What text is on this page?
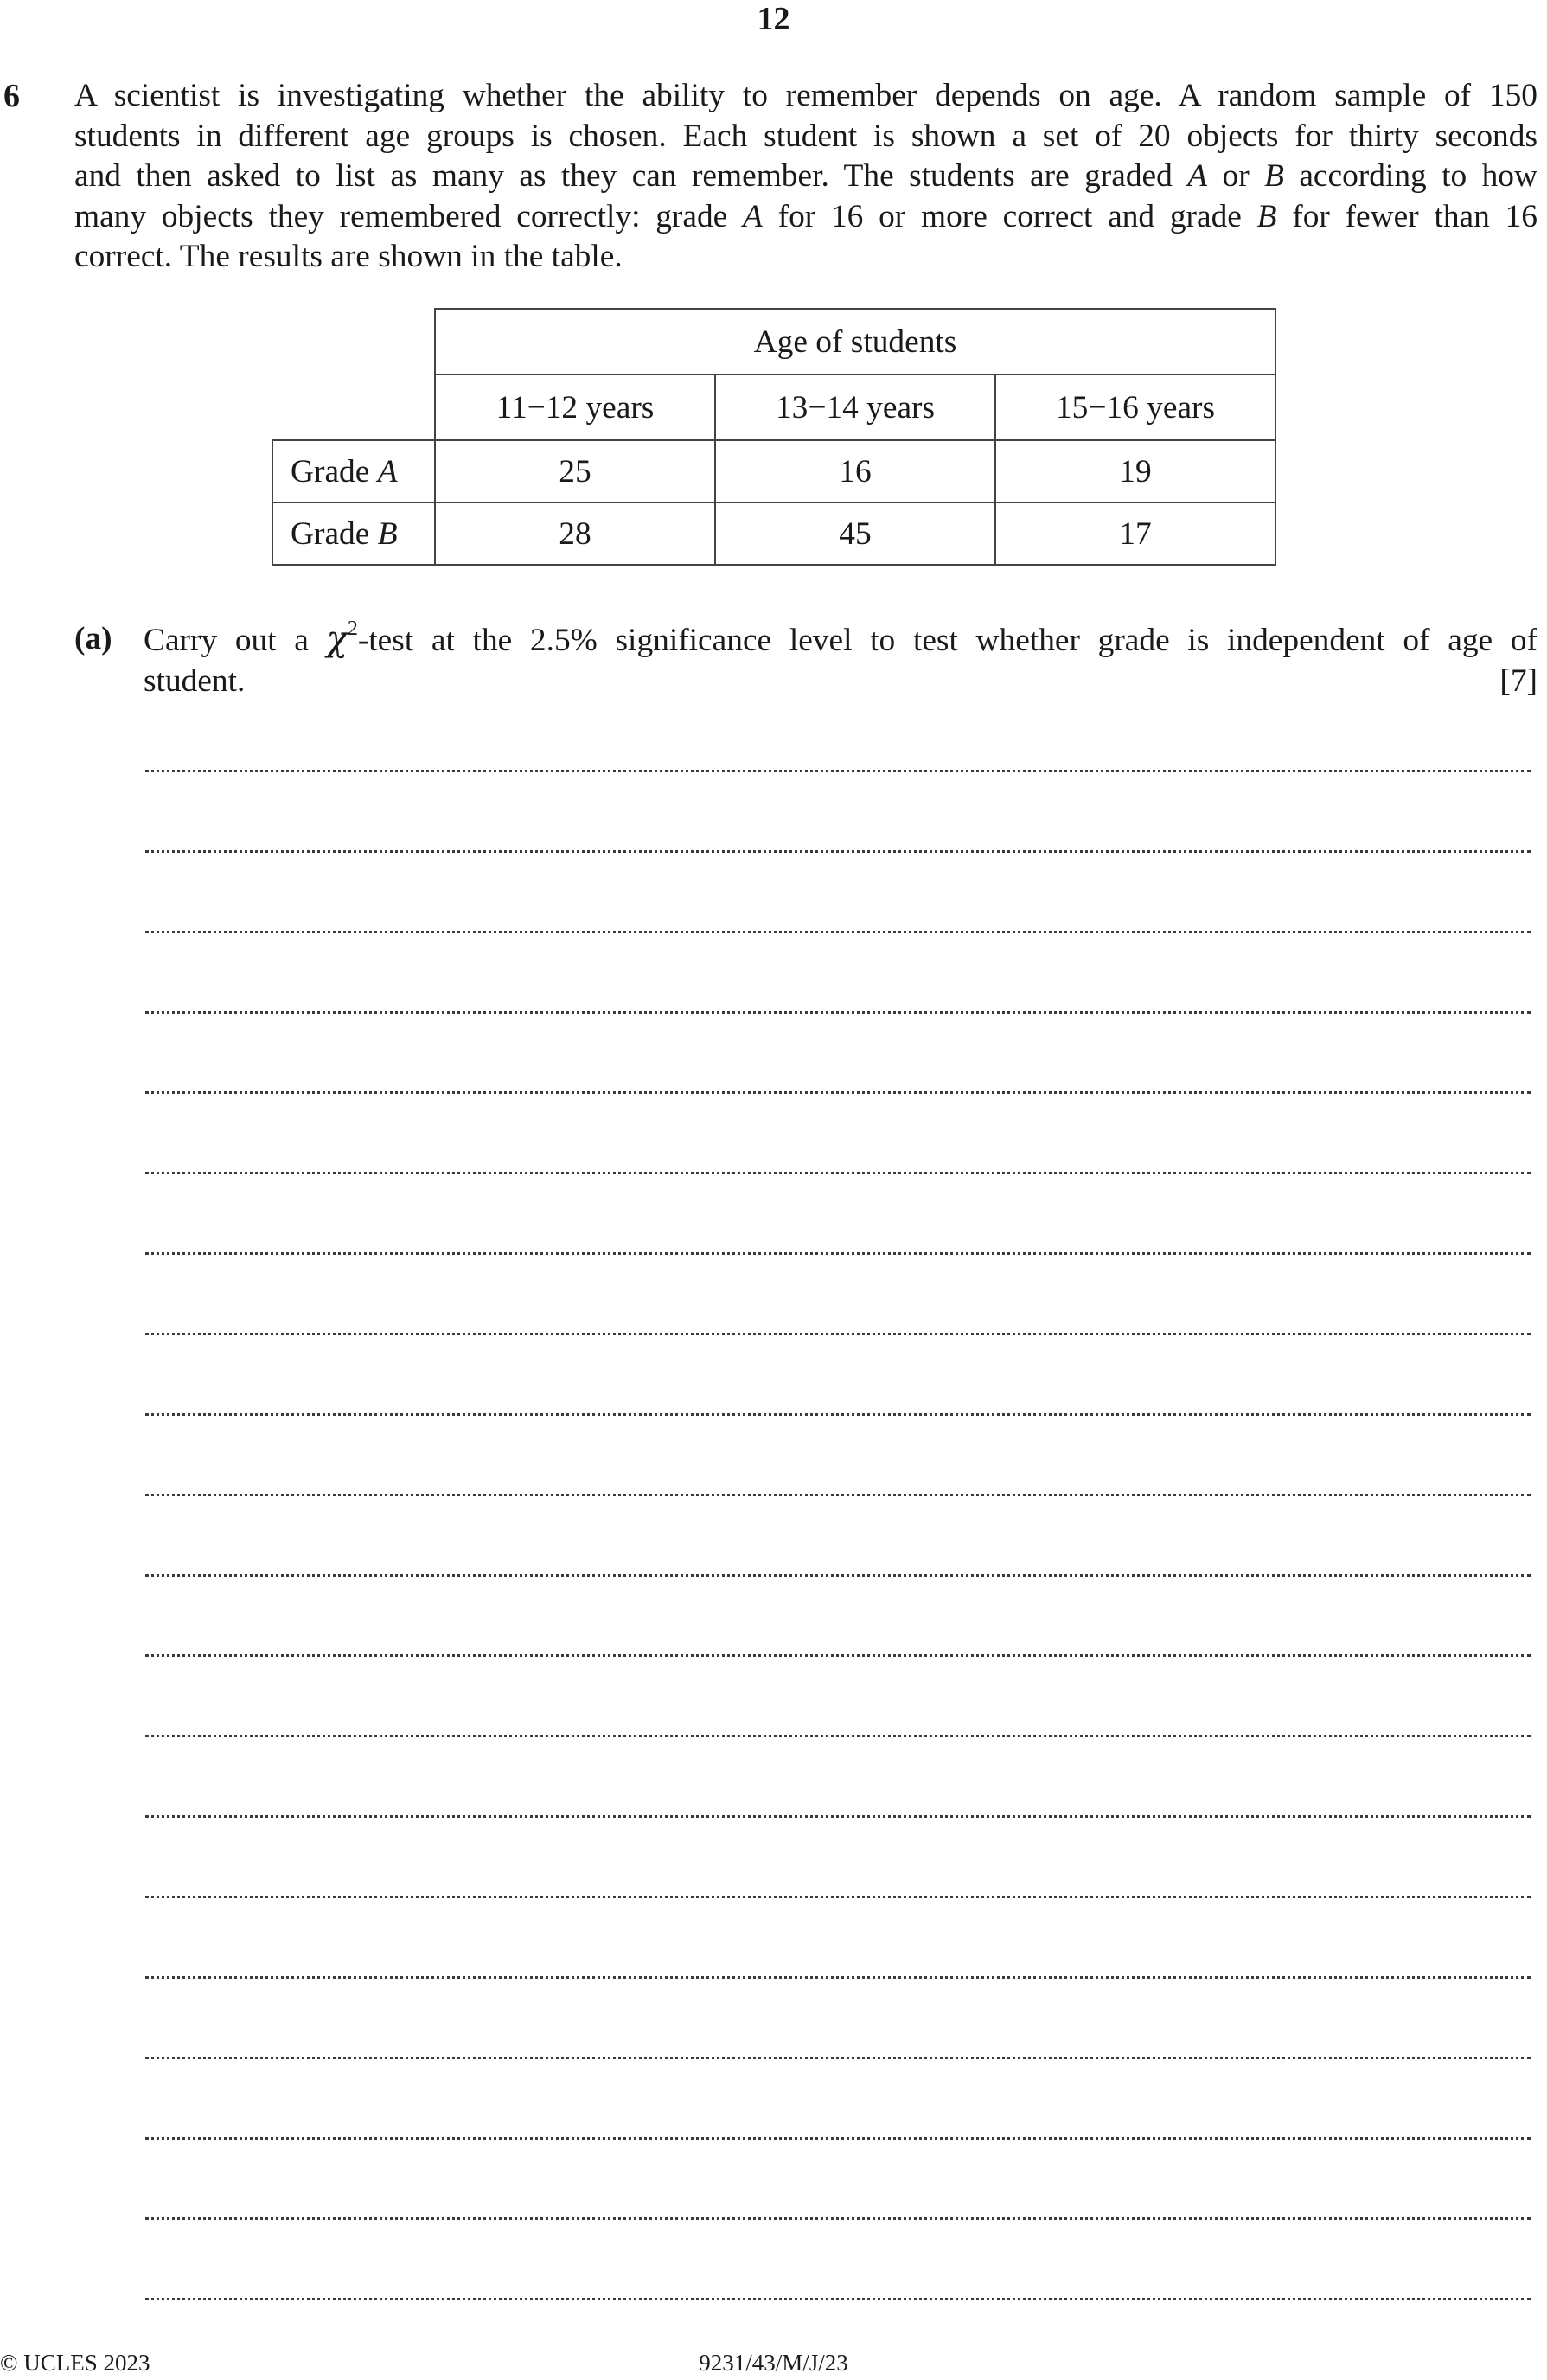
12
6 A scientist is investigating whether the ability to remember depends on age. A random sample of 150
students in different age groups is chosen. Each student is shown a set of 20 objects for thirty seconds
and then asked to list as many as they can remember. The students are graded A or B according to how
many objects they remembered correctly: grade A for 16 or more correct and grade B for fewer than 16
correct. The results are shown in the table.
	Age of students		
	11−12 years	13−14 years	15−16 years
Grade A	25	16	19
Grade B	28	45	17
(a) Carry out a $\chi^2$-test at the 2.5% significance level to test whether grade is independent of age of
student.	[7]
© UCLES 2023	9231/43/M/J/23
